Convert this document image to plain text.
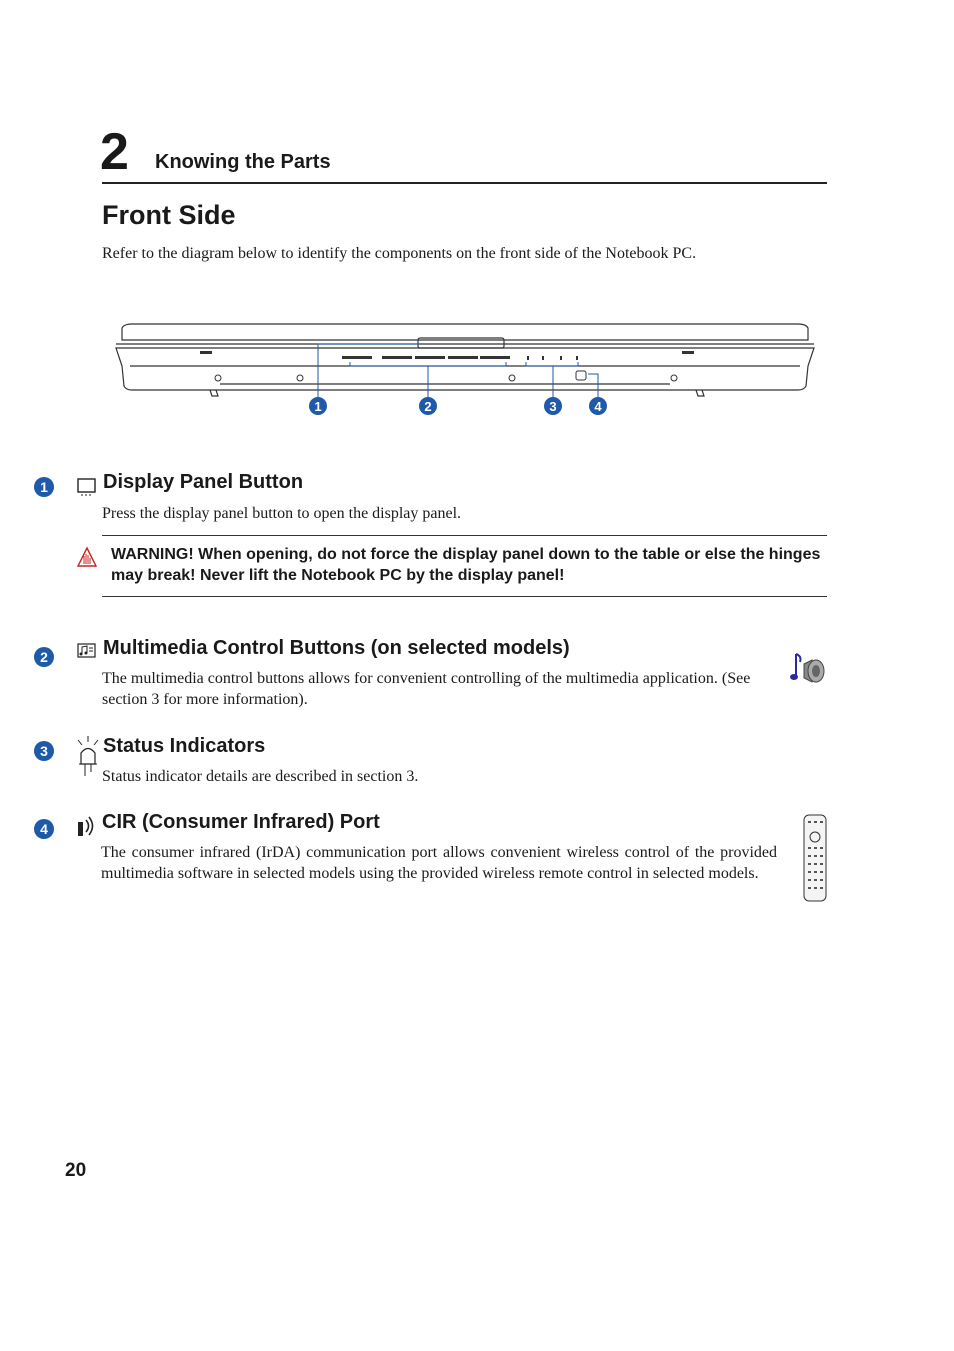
2 Knowing the Parts
Front Side
Refer to the diagram below to identify the components on the front side of the Notebook PC.
1	2	3	4
1	Display Panel Button
Press the display panel button to open the display panel.
WARNING! When opening, do not force the display panel down to the table or else the hinges may break! Never lift the Notebook PC by the display panel!
2	Multimedia Control Buttons (on selected models)
The multimedia control buttons allows for convenient controlling of the multimedia application. (See section 3 for more information).
3	Status Indicators
Status indicator details are described in section 3.
4	CIR (Consumer Infrared) Port
The consumer infrared (IrDA) communication port allows convenient wireless control of the provided multimedia software in selected models using the provided wireless remote control in selected models.
20
